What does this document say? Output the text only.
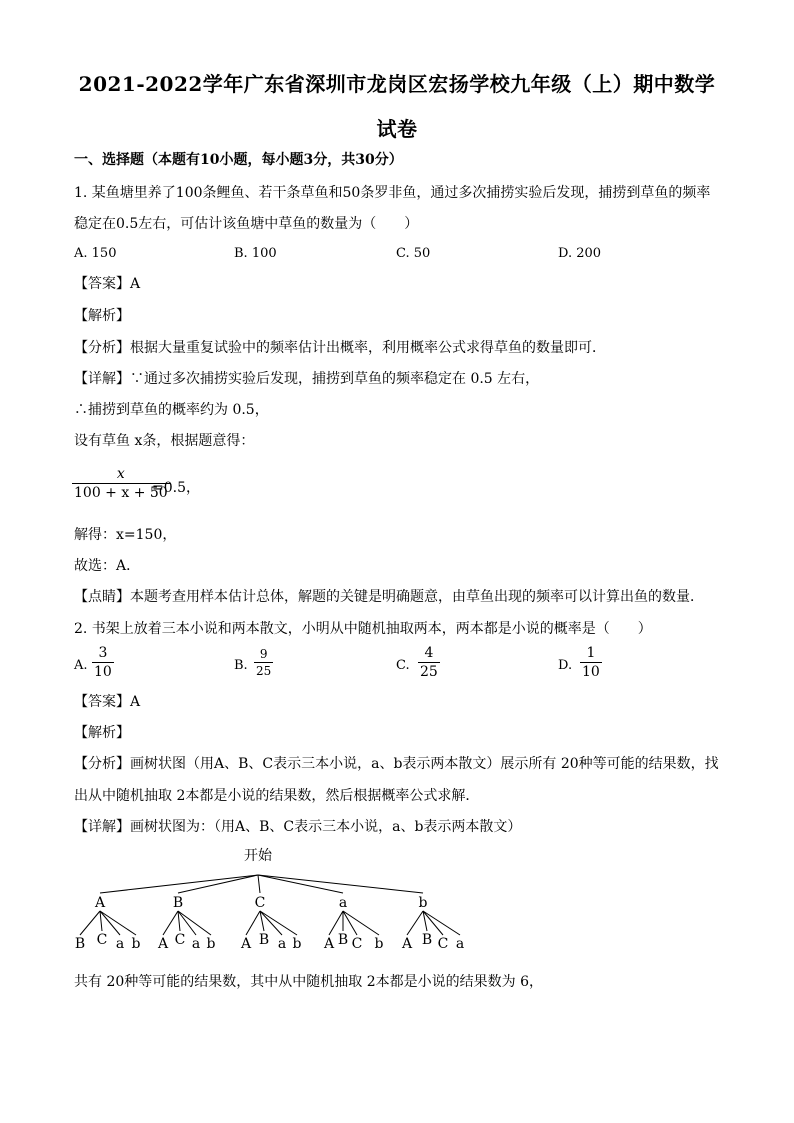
2021-2022学年广东省深圳市龙岗区宏扬学校九年级（上）期中数学
试卷
一、选择题（本题有10小题，每小题3分，共30分）
1. 某鱼塘里养了100条鲤鱼、若干条草鱼和50条罗非鱼，通过多次捕捞实验后发现，捕捞到草鱼的频率
稳定在0.5左右，可估计该鱼塘中草鱼的数量为（　　）
A. 150	B. 100	C. 50	D. 200
【答案】A
【解析】
【分析】根据大量重复试验中的频率估计出概率，利用概率公式求得草鱼的数量即可．
【详解】∵通过多次捕捞实验后发现，捕捞到草鱼的频率稳定在 0.5 左右，
∴捕捞到草鱼的概率约为 0.5，
设有草鱼 x条，根据题意得：
x
100 + x + 50
=0.5，
解得：x=150，
故选：A．
【点睛】本题考查用样本估计总体，解题的关键是明确题意，由草鱼出现的频率可以计算出鱼的数量．
2. 书架上放着三本小说和两本散文，小明从中随机抽取两本，两本都是小说的概率是（　　）
A.
3
10	B.
9
25	C.
4
25	D.
1
10
【答案】A
【解析】
【分析】画树状图（用A、B、C表示三本小说，a、b表示两本散文）展示所有 20种等可能的结果数，找
出从中随机抽取 2本都是小说的结果数，然后根据概率公式求解．
【详解】画树状图为：（用A、B、C表示三本小说，a、b表示两本散文）
开始
A
B C a b
B
A C a b
C
A B a b
a
A B C b
b
A B C a
共有 20种等可能的结果数，其中从中随机抽取 2本都是小说的结果数为 6，
